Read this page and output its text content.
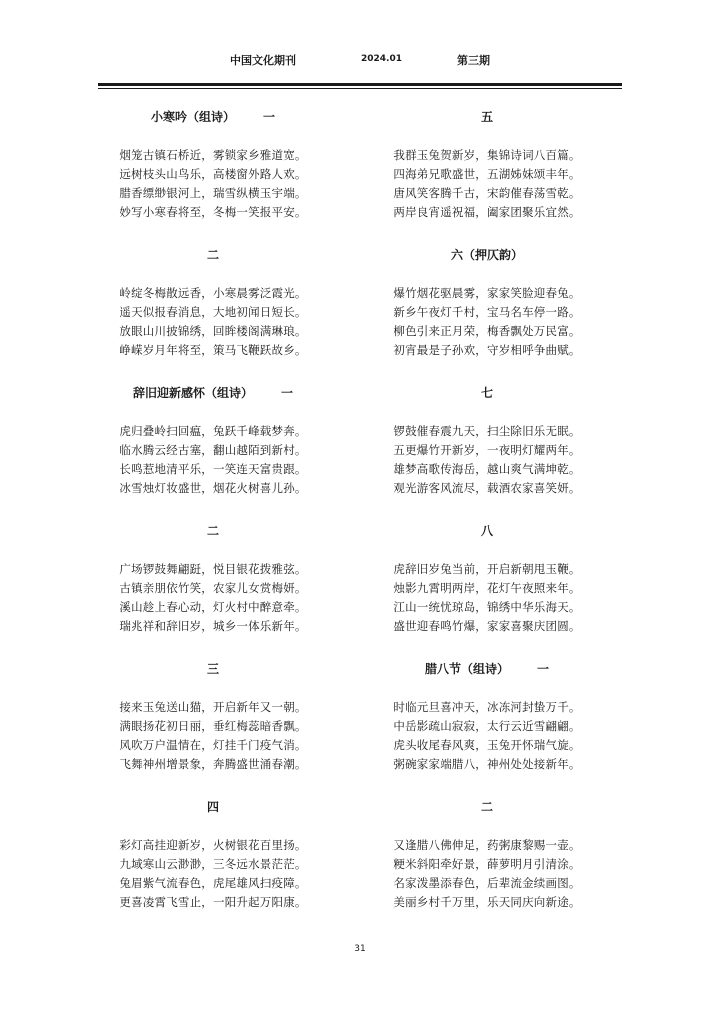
中国文化期刊	2024.01	第三期
小寒吟（组诗） 一
烟笼古镇石桥近，雾锁家乡雅道宽。
远树枝头山鸟乐，高楼窗外路人欢。
腊香缥缈银河上，瑞雪纵横玉宇端。
妙写小寒春将至，冬梅一笑报平安。
二
岭绽冬梅散远香，小寒晨雾泛霞光。
遥天似报春消息，大地初闻日短长。
放眼山川披锦绣，回眸楼阁满琳琅。
峥嵘岁月年将至，策马飞鞭跃故乡。
辞旧迎新感怀（组诗） 一
虎归叠岭扫回瘟，兔跃千峰载梦奔。
临水腾云经古塞，翻山越陌到新村。
长鸣惹地清平乐，一笑连天富贵跟。
冰雪烛灯妆盛世，烟花火树喜儿孙。
二
广场锣鼓舞翩跹，悦目银花拨雅弦。
古镇亲朋依竹笑，农家儿女赏梅妍。
溪山趁上春心动，灯火村中醉意牵。
瑞兆祥和辞旧岁，城乡一体乐新年。
三
接来玉兔送山猫，开启新年又一朝。
满眼扬花初日丽，垂红梅蕊暗香飘。
风吹万户温情在，灯挂千门疫气消。
飞舞神州增景象，奔腾盛世涌春潮。
四
彩灯高挂迎新岁，火树银花百里扬。
九域寒山云渺渺，三冬远水景茫茫。
兔眉紫气流春色，虎尾雄风扫疫障。
更喜凌霄飞雪止，一阳升起万阳康。
五
我群玉兔贺新岁，集锦诗词八百篇。
四海弟兄歌盛世，五湖姊妹颂丰年。
唐风笑客腾千古，宋韵催春荡雪乾。
两岸良宵遥祝福，阖家团聚乐宜然。
六（押仄韵）
爆竹烟花驱晨雾，家家笑脸迎春兔。
新乡午夜灯千村，宝马名车停一路。
柳色引来正月荣，梅香飘处万民富。
初宵最是子孙欢，守岁相呼争曲赋。
七
锣鼓催春震九天，扫尘除旧乐无眠。
五更爆竹开新岁，一夜明灯耀两年。
雄梦高歌传海岳，越山爽气满坤乾。
观光游客风流尽，载酒农家喜笑妍。
八
虎辞旧岁兔当前，开启新朝甩玉鞭。
烛影九霄明两岸，花灯午夜照来年。
江山一统忧琼岛，锦绣中华乐海天。
盛世迎春鸣竹爆，家家喜聚庆团圆。
腊八节（组诗） 一
时临元旦喜冲天，冰冻河封蛰万千。
中岳影疏山寂寂，太行云近雪翩翩。
虎头收尾春风爽，玉兔开怀瑞气旋。
粥碗家家端腊八，神州处处接新年。
二
又逢腊八佛伸足，药粥康黎赐一壶。
粳米斜阳牵好景，薛萝明月引清涂。
名家泼墨添春色，后辈流金续画图。
美丽乡村千万里，乐天同庆向新途。
31
